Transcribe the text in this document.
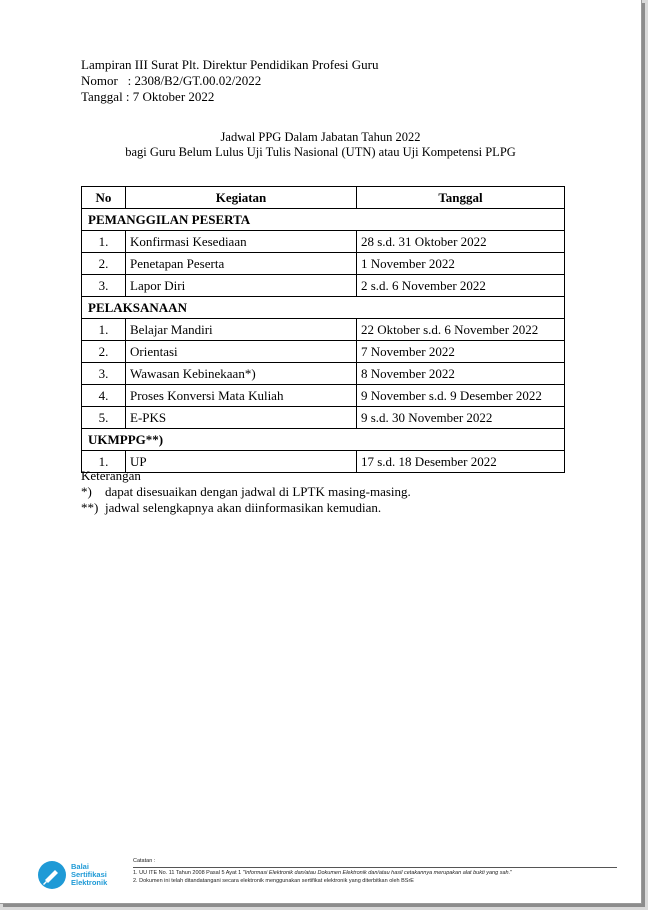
Lampiran III Surat Plt. Direktur Pendidikan Profesi Guru
Nomor   : 2308/B2/GT.00.02/2022
Tanggal : 7 Oktober 2022
Jadwal PPG Dalam Jabatan Tahun 2022
bagi Guru Belum Lulus Uji Tulis Nasional (UTN) atau Uji Kompetensi PLPG
No	Kegiatan	Tanggal
PEMANGGILAN PESERTA		
1.	Konfirmasi Kesediaan	28 s.d. 31 Oktober 2022
2.	Penetapan Peserta	1 November 2022
3.	Lapor Diri	2 s.d. 6 November 2022
PELAKSANAAN		
1.	Belajar Mandiri	22 Oktober s.d. 6 November 2022
2.	Orientasi	7 November 2022
3.	Wawasan Kebinekaan*)	8 November 2022
4.	Proses Konversi Mata Kuliah	9 November s.d. 9 Desember 2022
5.	E-PKS	9 s.d. 30 November 2022
UKMPPG**)		
1.	UP	17 s.d. 18 Desember 2022
Keterangan
*)	dapat disesuaikan dengan jadwal di LPTK masing-masing.
**) jadwal selengkapnya akan diinformasikan kemudian.
Balai
Sertifikasi
Elektronik
Catatan :
1. UU ITE No. 11 Tahun 2008 Pasal 5 Ayat 1 "Informasi Elektronik dan/atau Dokumen Elektronik dan/atau hasil cetakannya merupakan alat bukti yang sah."
2. Dokumen ini telah ditandatangani secara elektronik menggunakan sertifikat elektronik yang diterbitkan oleh BSrE
